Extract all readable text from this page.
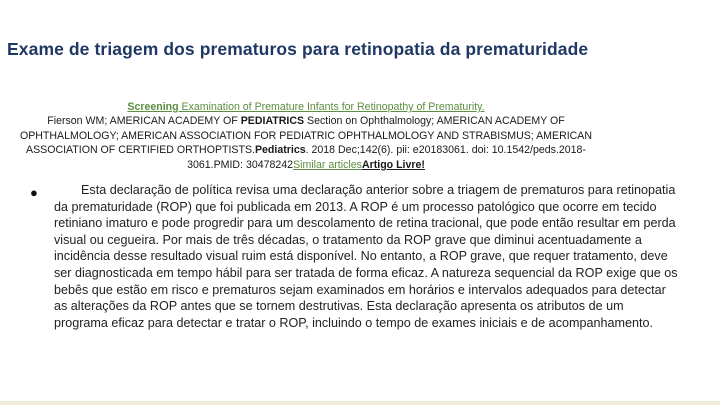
Exame de triagem dos prematuros para retinopatia da prematuridade
Screening Examination of Premature Infants for Retinopathy of Prematurity.
Fierson WM; AMERICAN ACADEMY OF PEDIATRICS Section on Ophthalmology; AMERICAN ACADEMY OF OPHTHALMOLOGY; AMERICAN ASSOCIATION FOR PEDIATRIC OPHTHALMOLOGY AND STRABISMUS; AMERICAN ASSOCIATION OF CERTIFIED ORTHOPTISTS.Pediatrics. 2018 Dec;142(6). pii: e20183061. doi: 10.1542/peds.2018-3061.PMID: 30478242Similar articlesArtigo Livre!
●	Esta declaração de política revisa uma declaração anterior sobre a triagem de prematuros para retinopatia da prematuridade (ROP) que foi publicada em 2013. A ROP é um processo patológico que ocorre em tecido retiniano imaturo e pode progredir para um descolamento de retina tracional, que pode então resultar em perda visual ou cegueira. Por mais de três décadas, o tratamento da ROP grave que diminui acentuadamente a incidência desse resultado visual ruim está disponível. No entanto, a ROP grave, que requer tratamento, deve ser diagnosticada em tempo hábil para ser tratada de forma eficaz. A natureza sequencial da ROP exige que os bebês que estão em risco e prematuros sejam examinados em horários e intervalos adequados para detectar as alterações da ROP antes que se tornem destrutivas. Esta declaração apresenta os atributos de um programa eficaz para detectar e tratar o ROP, incluindo o tempo de exames iniciais e de acompanhamento.
